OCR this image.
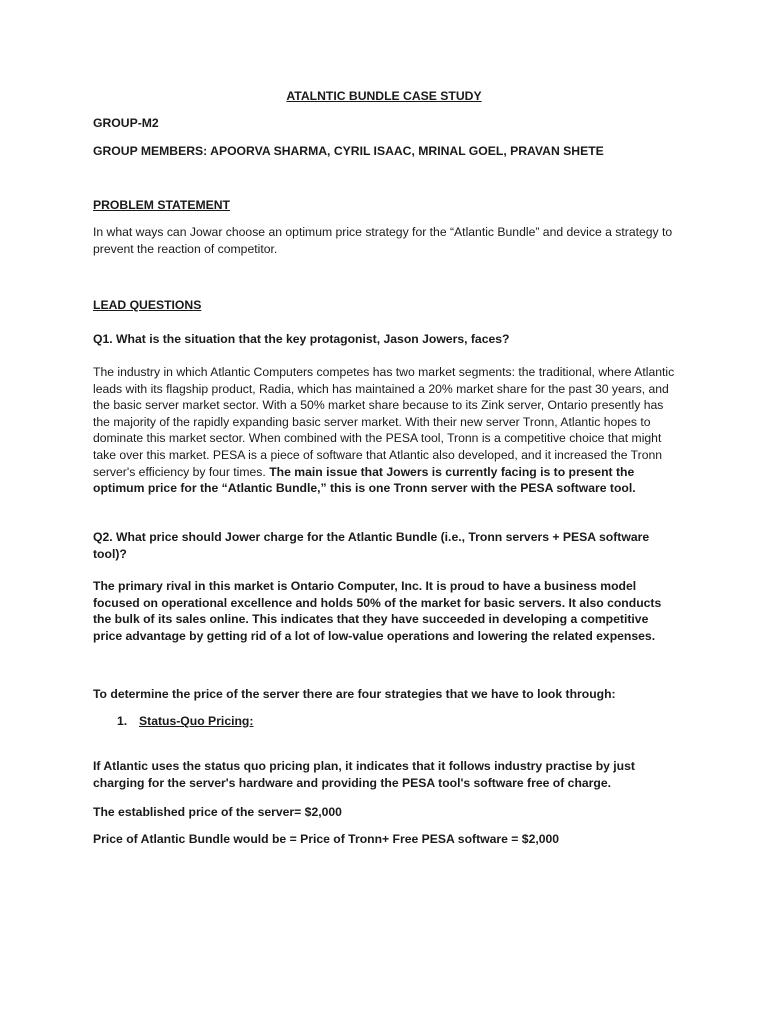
ATALNTIC BUNDLE CASE STUDY

GROUP-M2

GROUP MEMBERS: APOORVA SHARMA, CYRIL ISAAC, MRINAL GOEL, PRAVAN SHETE

PROBLEM STATEMENT

In what ways can Jowar choose an optimum price strategy for the “Atlantic Bundle” and device a strategy to prevent the reaction of competitor.

LEAD QUESTIONS

Q1. What is the situation that the key protagonist, Jason Jowers, faces?

The industry in which Atlantic Computers competes has two market segments: the traditional, where Atlantic leads with its flagship product, Radia, which has maintained a 20% market share for the past 30 years, and the basic server market sector. With a 50% market share because to its Zink server, Ontario presently has the majority of the rapidly expanding basic server market. With their new server Tronn, Atlantic hopes to dominate this market sector. When combined with the PESA tool, Tronn is a competitive choice that might take over this market. PESA is a piece of software that Atlantic also developed, and it increased the Tronn server's efficiency by four times. The main issue that Jowers is currently facing is to present the optimum price for the “Atlantic Bundle,” this is one Tronn server with the PESA software tool.

Q2. What price should Jower charge for the Atlantic Bundle (i.e., Tronn servers + PESA software tool)?

The primary rival in this market is Ontario Computer, Inc. It is proud to have a business model focused on operational excellence and holds 50% of the market for basic servers. It also conducts the bulk of its sales online. This indicates that they have succeeded in developing a competitive price advantage by getting rid of a lot of low-value operations and lowering the related expenses.

To determine the price of the server there are four strategies that we have to look through:

1. Status-Quo Pricing:

If Atlantic uses the status quo pricing plan, it indicates that it follows industry practise by just charging for the server's hardware and providing the PESA tool's software free of charge.

The established price of the server= $2,000

Price of Atlantic Bundle would be = Price of Tronn+ Free PESA software = $2,000
